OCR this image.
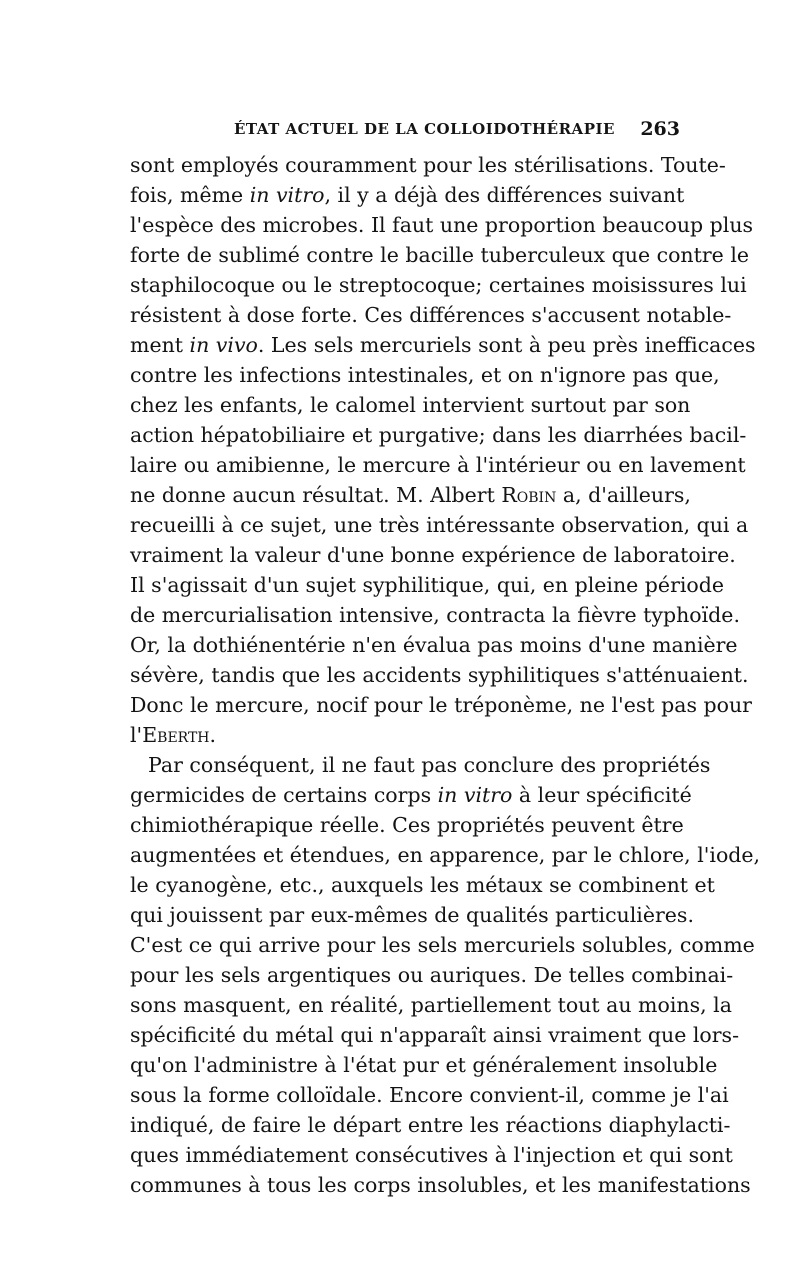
ÉTAT ACTUEL DE LA COLLOIDOTHÉRAPIE 263
sont employés couramment pour les stérilisations. Toute-
fois, même in vitro, il y a déjà des différences suivant
l'espèce des microbes. Il faut une proportion beaucoup plus
forte de sublimé contre le bacille tuberculeux que contre le
staphilocoque ou le streptocoque; certaines moisissures lui
résistent à dose forte. Ces différences s'accusent notable-
ment in vivo. Les sels mercuriels sont à peu près inefficaces
contre les infections intestinales, et on n'ignore pas que,
chez les enfants, le calomel intervient surtout par son
action hépatobiliaire et purgative; dans les diarrhées bacil-
laire ou amibienne, le mercure à l'intérieur ou en lavement
ne donne aucun résultat. M. Albert Robin a, d'ailleurs,
recueilli à ce sujet, une très intéressante observation, qui a
vraiment la valeur d'une bonne expérience de laboratoire.
Il s'agissait d'un sujet syphilitique, qui, en pleine période
de mercurialisation intensive, contracta la fièvre typhoïde.
Or, la dothiénentérie n'en évalua pas moins d'une manière
sévère, tandis que les accidents syphilitiques s'atténuaient.
Donc le mercure, nocif pour le tréponème, ne l'est pas pour
l'Eberth.
Par conséquent, il ne faut pas conclure des propriétés
germicides de certains corps in vitro à leur spécificité
chimiothérapique réelle. Ces propriétés peuvent être
augmentées et étendues, en apparence, par le chlore, l'iode,
le cyanogène, etc., auxquels les métaux se combinent et
qui jouissent par eux-mêmes de qualités particulières.
C'est ce qui arrive pour les sels mercuriels solubles, comme
pour les sels argentiques ou auriques. De telles combinai-
sons masquent, en réalité, partiellement tout au moins, la
spécificité du métal qui n'apparaît ainsi vraiment que lors-
qu'on l'administre à l'état pur et généralement insoluble
sous la forme colloïdale. Encore convient-il, comme je l'ai
indiqué, de faire le départ entre les réactions diaphylacti-
ques immédiatement consécutives à l'injection et qui sont
communes à tous les corps insolubles, et les manifestations
